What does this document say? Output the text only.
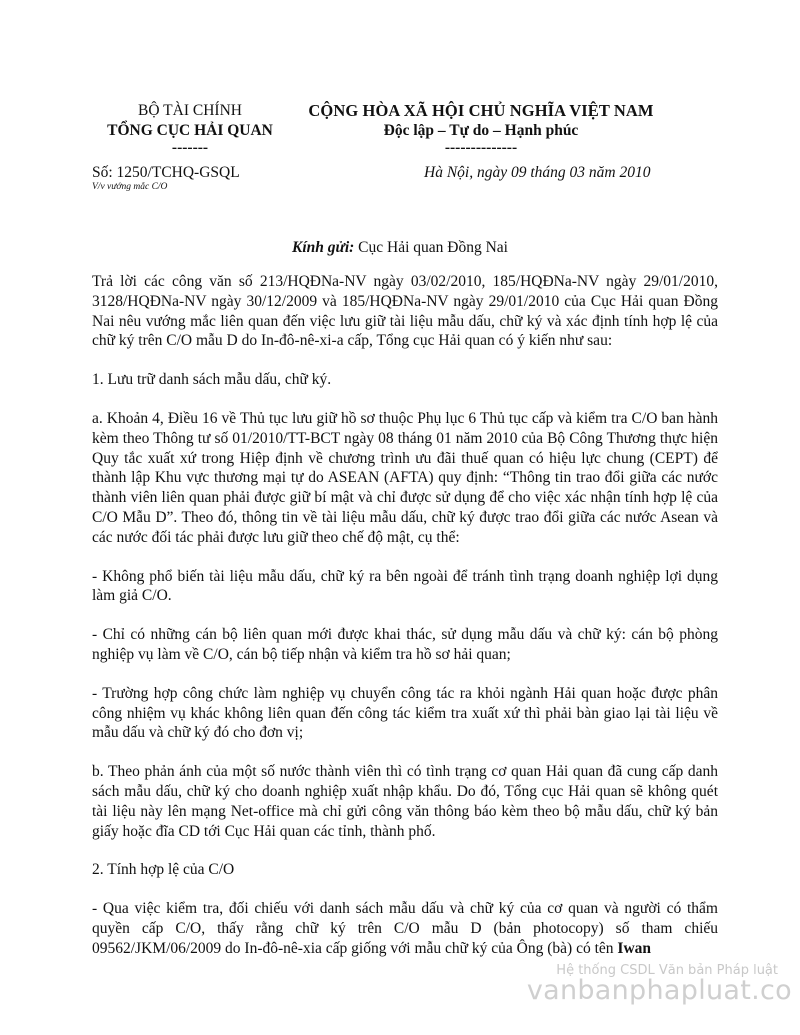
BỘ TÀI CHÍNH
TỔNG CỤC HẢI QUAN
-------
CỘNG HÒA XÃ HỘI CHỦ NGHĨA VIỆT NAM
Độc lập – Tự do – Hạnh phúc
--------------
Số: 1250/TCHQ-GSQL
V/v vướng mắc C/O
Hà Nội, ngày 09 tháng 03 năm 2010
Kính gửi: Cục Hải quan Đồng Nai

Trả lời các công văn số 213/HQĐNa-NV ngày 03/02/2010, 185/HQĐNa-NV ngày 29/01/2010, 3128/HQĐNa-NV ngày 30/12/2009 và 185/HQĐNa-NV ngày 29/01/2010 của Cục Hải quan Đồng Nai nêu vướng mắc liên quan đến việc lưu giữ tài liệu mẫu dấu, chữ ký và xác định tính hợp lệ của chữ ký trên C/O mẫu D do In-đô-nê-xi-a cấp, Tổng cục Hải quan có ý kiến như sau:

1. Lưu trữ danh sách mẫu dấu, chữ ký.

a. Khoản 4, Điều 16 về Thủ tục lưu giữ hồ sơ thuộc Phụ lục 6 Thủ tục cấp và kiểm tra C/O ban hành kèm theo Thông tư số 01/2010/TT-BCT ngày 08 tháng 01 năm 2010 của Bộ Công Thương thực hiện Quy tắc xuất xứ trong Hiệp định về chương trình ưu đãi thuế quan có hiệu lực chung (CEPT) để thành lập Khu vực thương mại tự do ASEAN (AFTA) quy định: “Thông tin trao đổi giữa các nước thành viên liên quan phải được giữ bí mật và chỉ được sử dụng để cho việc xác nhận tính hợp lệ của C/O Mẫu D”. Theo đó, thông tin về tài liệu mẫu dấu, chữ ký được trao đổi giữa các nước Asean và các nước đối tác phải được lưu giữ theo chế độ mật, cụ thể:

- Không phổ biến tài liệu mẫu dấu, chữ ký ra bên ngoài để tránh tình trạng doanh nghiệp lợi dụng làm giả C/O.

- Chỉ có những cán bộ liên quan mới được khai thác, sử dụng mẫu dấu và chữ ký: cán bộ phòng nghiệp vụ làm về C/O, cán bộ tiếp nhận và kiểm tra hồ sơ hải quan;

- Trường hợp công chức làm nghiệp vụ chuyển công tác ra khỏi ngành Hải quan hoặc được phân công nhiệm vụ khác không liên quan đến công tác kiểm tra xuất xứ thì phải bàn giao lại tài liệu về mẫu dấu và chữ ký đó cho đơn vị;

b. Theo phản ánh của một số nước thành viên thì có tình trạng cơ quan Hải quan đã cung cấp danh sách mẫu dấu, chữ ký cho doanh nghiệp xuất nhập khẩu. Do đó, Tổng cục Hải quan sẽ không quét tài liệu này lên mạng Net-office mà chỉ gửi công văn thông báo kèm theo bộ mẫu dấu, chữ ký bản giấy hoặc đĩa CD tới Cục Hải quan các tỉnh, thành phố.

2. Tính hợp lệ của C/O

- Qua việc kiểm tra, đối chiếu với danh sách mẫu dấu và chữ ký của cơ quan và người có thẩm quyền cấp C/O, thấy rằng chữ ký trên C/O mẫu D (bản photocopy) số tham chiếu 09562/JKM/06/2009 do In-đô-nê-xia cấp giống với mẫu chữ ký của Ông (bà) có tên Iwan

Hệ thống CSDL Văn bản Pháp luật
vanbanphapluat.co
